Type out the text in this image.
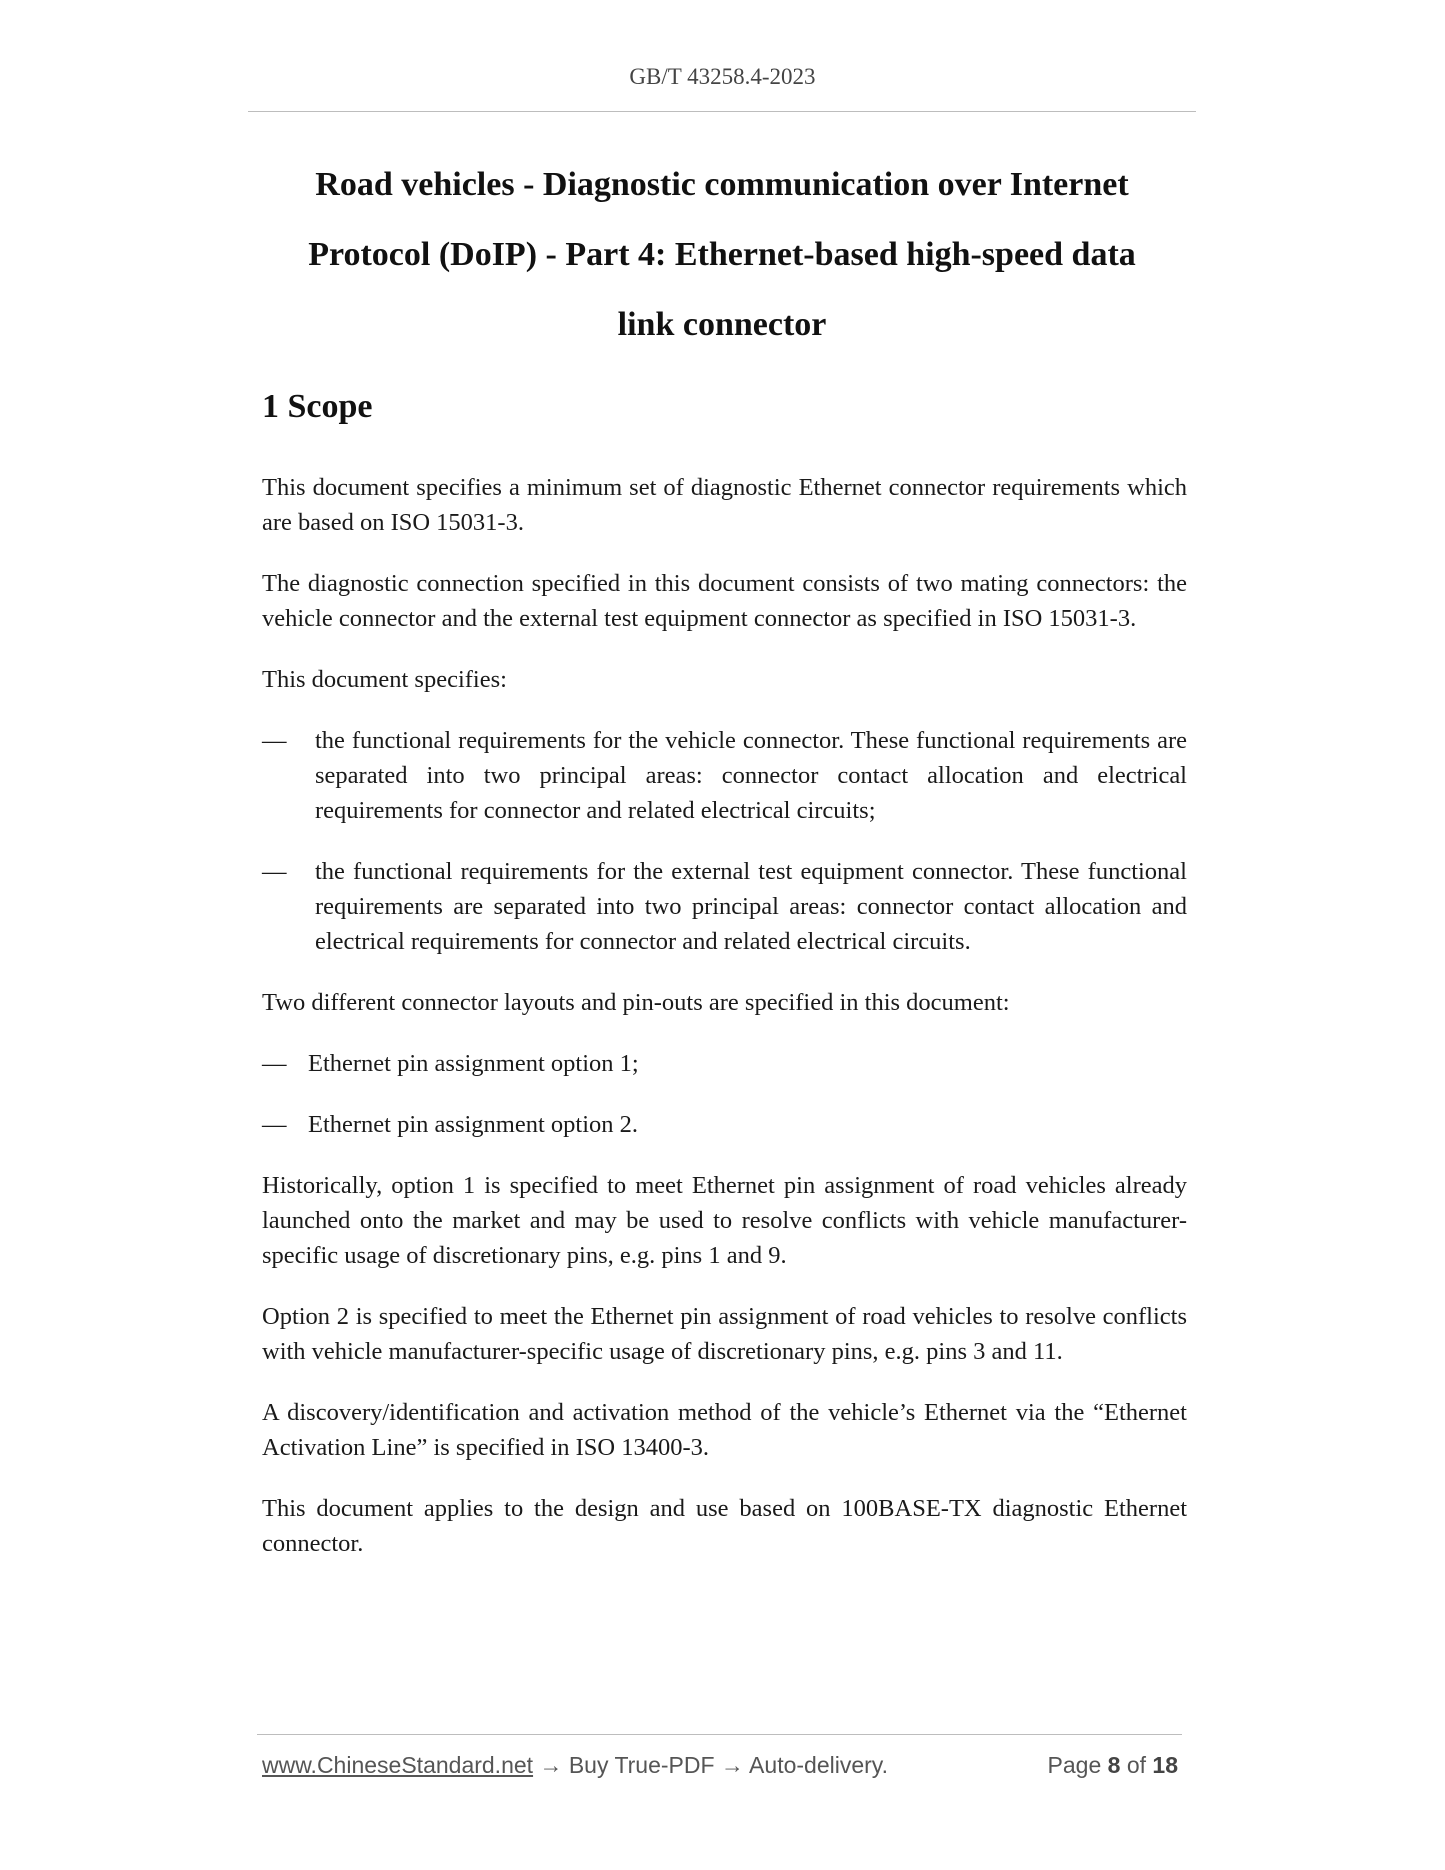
GB/T 43258.4-2023
Road vehicles - Diagnostic communication over Internet
Protocol (DoIP) - Part 4: Ethernet-based high-speed data
link connector
1 Scope

This document specifies a minimum set of diagnostic Ethernet connector requirements which are based on ISO 15031-3.

The diagnostic connection specified in this document consists of two mating connectors: the vehicle connector and the external test equipment connector as specified in ISO 15031-3.

This document specifies:

—	the functional requirements for the vehicle connector. These functional requirements are separated into two principal areas: connector contact allocation and electrical requirements for connector and related electrical circuits;
—	the functional requirements for the external test equipment connector. These functional requirements are separated into two principal areas: connector contact allocation and electrical requirements for connector and related electrical circuits.

Two different connector layouts and pin-outs are specified in this document:

— Ethernet pin assignment option 1;
— Ethernet pin assignment option 2.

Historically, option 1 is specified to meet Ethernet pin assignment of road vehicles already launched onto the market and may be used to resolve conflicts with vehicle manufacturer-specific usage of discretionary pins, e.g. pins 1 and 9.

Option 2 is specified to meet the Ethernet pin assignment of road vehicles to resolve conflicts with vehicle manufacturer-specific usage of discretionary pins, e.g. pins 3 and 11.

A discovery/identification and activation method of the vehicle’s Ethernet via the “Ethernet Activation Line” is specified in ISO 13400-3.

This document applies to the design and use based on 100BASE-TX diagnostic Ethernet connector.

www.ChineseStandard.net → Buy True-PDF → Auto-delivery.	Page 8 of 18
